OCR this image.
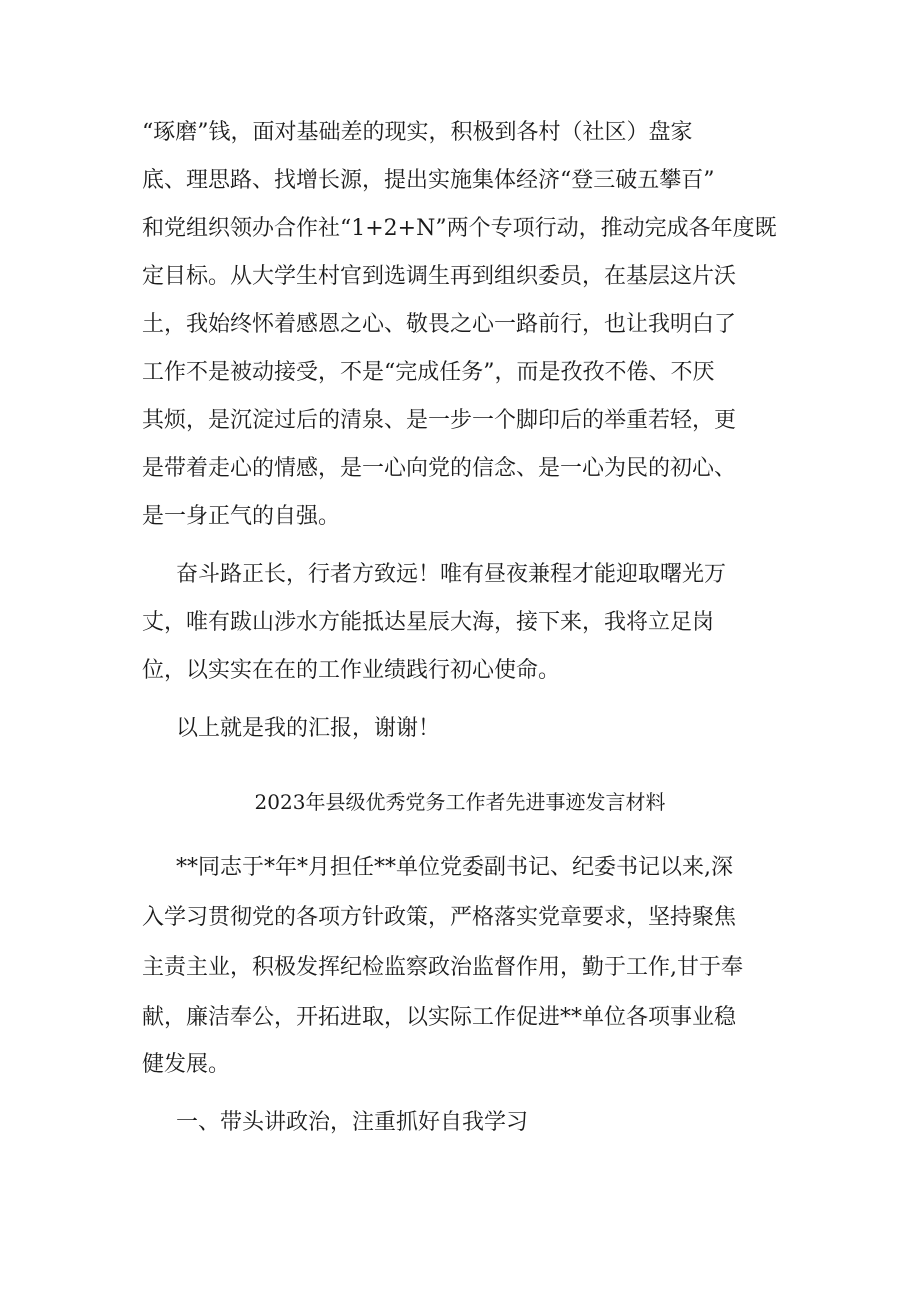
“琢磨”钱，面对基础差的现实，积极到各村（社区）盘家
底、理思路、找增长源，提出实施集体经济“登三破五攀百”
和党组织领办合作社“1+2+N”两个专项行动，推动完成各年度既
定目标。从大学生村官到选调生再到组织委员，在基层这片沃
土，我始终怀着感恩之心、敬畏之心一路前行，也让我明白了
工作不是被动接受，不是“完成任务”，而是孜孜不倦、不厌
其烦，是沉淀过后的清泉、是一步一个脚印后的举重若轻，更
是带着走心的情感，是一心向党的信念、是一心为民的初心、
是一身正气的自强。
奋斗路正长，行者方致远！唯有昼夜兼程才能迎取曙光万
丈，唯有跋山涉水方能抵达星辰大海，接下来，我将立足岗
位，以实实在在的工作业绩践行初心使命。
以上就是我的汇报，谢谢！
2023年县级优秀党务工作者先进事迹发言材料
**同志于*年*月担任**单位党委副书记、纪委书记以来,深
入学习贯彻党的各项方针政策，严格落实党章要求，坚持聚焦
主责主业，积极发挥纪检监察政治监督作用，勤于工作,甘于奉
献，廉洁奉公，开拓进取，以实际工作促进**单位各项事业稳
健发展。
一、带头讲政治，注重抓好自我学习
